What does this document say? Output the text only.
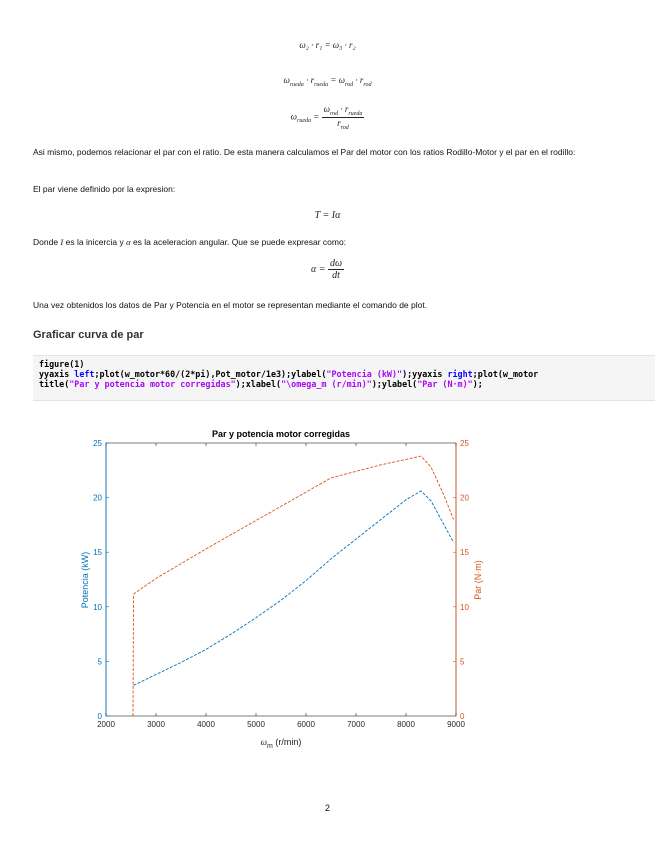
ω₂ · r₁ = ω₃ · r₂
$\omega_{rueda} \cdot r_{rueda} = \omega_{rod} \cdot r_{rod}$
$\omega_{rueda} = \frac{\omega_{rod} \cdot r_{rueda}}{r_{rod}}$
Asi mismo, podemos relacionar el par con el ratio. De esta manera calculamos el Par del motor con los ratios Rodillo-Motor y el par en el rodillo:
El par viene definido por la expresion:
T = Iα
Donde I es la inicercia y α es la aceleracion angular. Que se puede expresar como:
$\alpha = \frac{d\omega}{dt}$
Una vez obtenidos los datos de Par y Potencia en el motor se representan mediante el comando de plot.
Graficar curva de par
figure(1)
yyaxis left;plot(w_motor*60/(2*pi),Pot_motor/1e3);ylabel("Potencia (kW)");yyaxis right;plot(w_motor
title("Par y potencia motor corregidas");xlabel("\omega_m (r/min)");ylabel("Par (N·m)");
Par y potencia motor corregidas
2000	3000	4000	5000	6000	7000	8000	9000
0
5
10
15
20
25
0
5
10
15
20
25
$\omega_m$ (r/min)
Potencia (kW)	Par (N·m)
2
